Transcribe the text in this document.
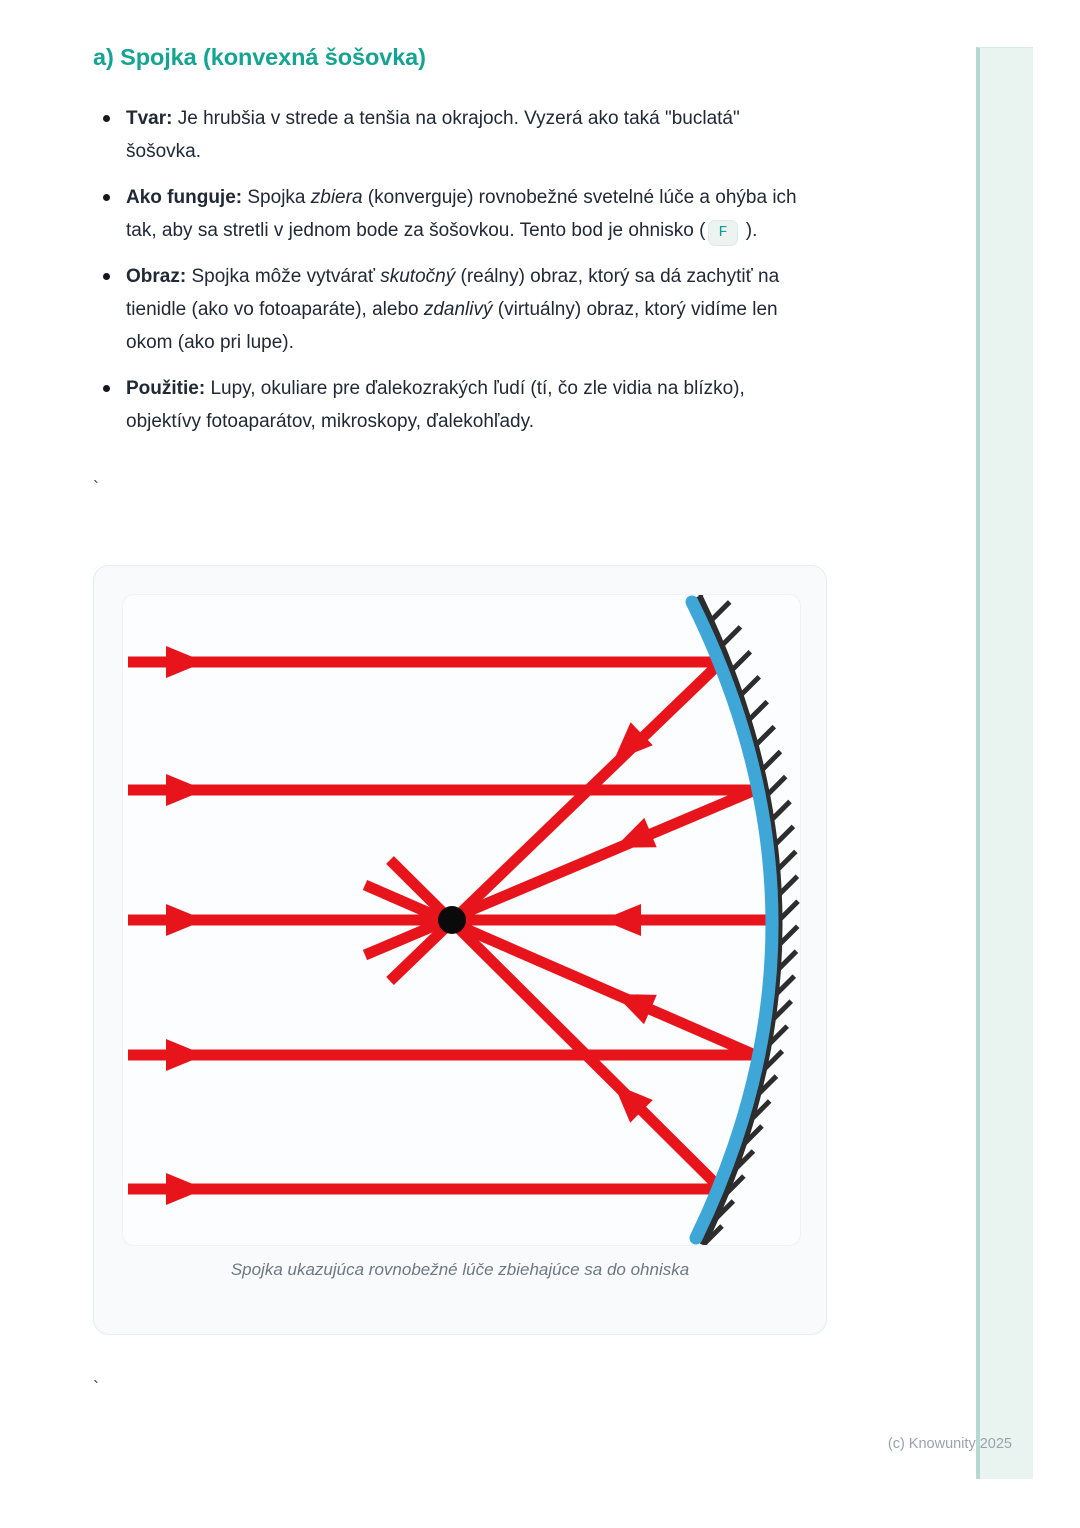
a) Spojka (konvexná šošovka)
Tvar: Je hrubšia v strede a tenšia na okrajoch. Vyzerá ako taká "buclatá" šošovka.
Ako funguje: Spojka zbiera (konverguje) rovnobežné svetelné lúče a ohýba ich tak, aby sa stretli v jednom bode za šošovkou. Tento bod je ohnisko ( F ).
Obraz: Spojka môže vytvárať skutočný (reálny) obraz, ktorý sa dá zachytiť na tienidle (ako vo fotoaparáte), alebo zdanlivý (virtuálny) obraz, ktorý vidíme len okom (ako pri lupe).
Použitie: Lupy, okuliare pre ďalekozrakých ľudí (tí, čo zle vidia na blízko), objektívy fotoaparátov, mikroskopy, ďalekohľady.
`
Spojka ukazujúca rovnobežné lúče zbiehajúce sa do ohniska
`
(c) Knowunity 2025
